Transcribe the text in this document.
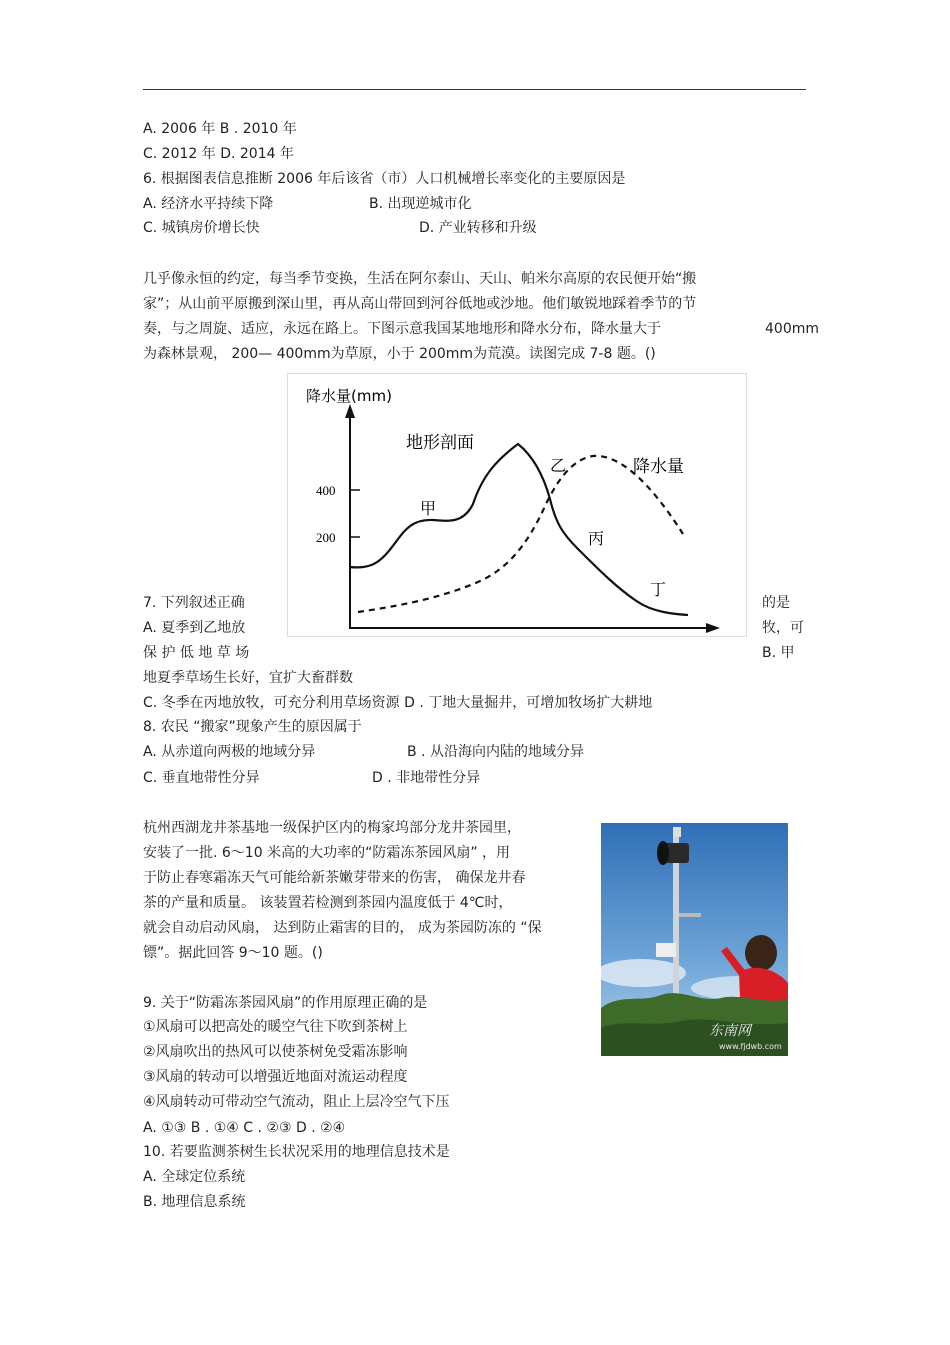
A. 2006 年 B . 2010 年
C. 2012 年 D. 2014 年
6. 根据图表信息推断 2006 年后该省（市）人口机械增长率变化的主要原因是
A. 经济水平持续下降	B. 出现逆城市化
C. 城镇房价增长快	D. 产业转移和升级
几乎像永恒的约定，每当季节变换，生活在阿尔泰山、天山、帕米尔高原的农民便开始“搬
家”；从山前平原搬到深山里，再从高山带回到河谷低地或沙地。他们敏锐地踩着季节的节
奏，与之周旋、适应，永远在路上。下图示意我国某地地形和降水分布，降水量大于	400mm
为森林景观， 200— 400mm为草原，小于 200mm为荒漠。读图完成 7-8 题。()
7. 下列叙述正确	的是
A. 夏季到乙地放	牧，可
保 护 低 地 草 场	B. 甲
地夏季草场生长好，宜扩大畜群数
C. 冬季在丙地放牧，可充分利用草场资源 D . 丁地大量掘井，可增加牧场扩大耕地
8. 农民 “搬家”现象产生的原因属于
A. 从赤道向两极的地域分异	B . 从沿海向内陆的地域分异
C. 垂直地带性分异	D . 非地带性分异
杭州西湖龙井茶基地一级保护区内的梅家坞部分龙井茶园里，
安装了一批. 6～10 米高的大功率的“防霜冻茶园风扇” ，用
于防止春寒霜冻天气可能给新茶嫩芽带来的伤害， 确保龙井春
茶的产量和质量。 该装置若检测到茶园内温度低于 4℃时，
就会自动启动风扇， 达到防止霜害的目的， 成为茶园防冻的 “保
镖”。据此回答 9～10 题。()
9. 关于“防霜冻茶园风扇”的作用原理正确的是
①风扇可以把高处的暖空气往下吹到茶树上
②风扇吹出的热风可以使茶树免受霜冻影响
③风扇的转动可以增强近地面对流运动程度
④风扇转动可带动空气流动，阻止上层冷空气下压
A. ①③ B . ①④ C . ②③ D . ②④
10. 若要监测茶树生长状况采用的地理信息技术是
A. 全球定位系统
B. 地理信息系统
400
200
降水量(mm)
地形剖面
降水量
甲
乙
丙
丁
东南网
www.fjdwb.com
